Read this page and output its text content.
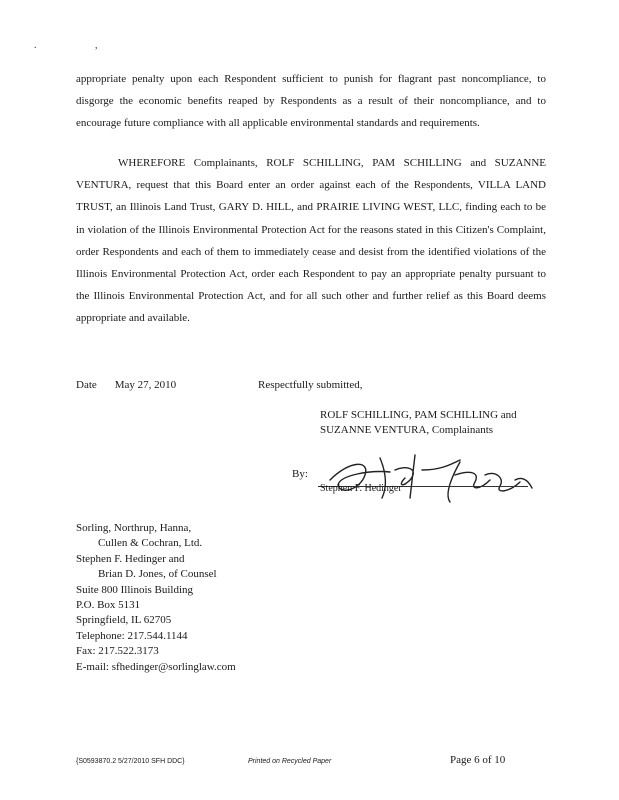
. ,

appropriate penalty upon each Respondent sufficient to punish for flagrant past noncompliance, to disgorge the economic benefits reaped by Respondents as a result of their noncompliance, and to encourage future compliance with all applicable environmental standards and requirements.

WHEREFORE Complainants, ROLF SCHILLING, PAM SCHILLING and SUZANNE VENTURA, request that this Board enter an order against each of the Respondents, VILLA LAND TRUST, an Illinois Land Trust, GARY D. HILL, and PRAIRIE LIVING WEST, LLC, finding each to be in violation of the Illinois Environmental Protection Act for the reasons stated in this Citizen's Complaint, order Respondents and each of them to immediately cease and desist from the identified violations of the Illinois Environmental Protection Act, order each Respondent to pay an appropriate penalty pursuant to the Illinois Environmental Protection Act, and for all such other and further relief as this Board deems appropriate and available.

Date May 27, 2010	Respectfully submitted,
ROLF SCHILLING, PAM SCHILLING and
SUZANNE VENTURA, Complainants
By:
Stephen F. Hedinger
Sorling, Northrup, Hanna,
Cullen & Cochran, Ltd.
Stephen F. Hedinger and
Brian D. Jones, of Counsel
Suite 800 Illinois Building
P.O. Box 5131
Springfield, IL 62705
Telephone: 217.544.1144
Fax: 217.522.3173
E-mail: sfhedinger@sorlinglaw.com
{S0593870.2 5/27/2010 SFH DDC}	Printed on Recycled Paper	Page 6 of 10
